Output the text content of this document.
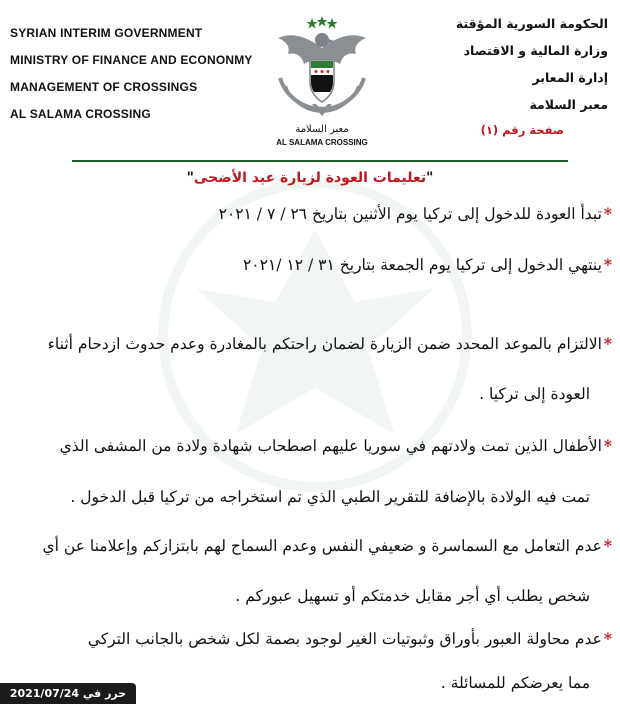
SYRIAN INTERIM GOVERNMENT
MINISTRY OF FINANCE AND ECONONMY
MANAGEMENT OF CROSSINGS
AL SALAMA CROSSING
معبر السلامة
AL SALAMA CROSSING
الحكومة السورية المؤقتة
وزارة المالية و الاقتصاد
إدارة المعابر
معبر السلامة
صفحة رقم (١)
"تعليمات العودة لزيارة عيد الأضحى"

*تبدأ العودة للدخول إلى تركيا يوم الأثنين بتاريخ ٢٦ / ٧ / ٢٠٢١

*ينتهي الدخول إلى تركيا يوم الجمعة بتاريخ ٣١ / ١٢ /٢٠٢١

*الالتزام بالموعد المحدد ضمن الزيارة لضمان راحتكم بالمغادرة وعدم حدوث ازدحام أثناء

العودة إلى تركيا .

*الأطفال الذين تمت ولادتهم في سوريا عليهم اصطحاب شهادة ولادة من المشفى الذي

تمت فيه الولادة بالإضافة للتقرير الطبي الذي تم استخراجه من تركيا قبل الدخول .

*عدم التعامل مع السماسرة و ضعيفي النفس وعدم السماح لهم بابتزازكم وإعلامنا عن أي

شخص يطلب أي أجر مقابل خدمتكم أو تسهيل عبوركم .

*عدم محاولة العبور بأوراق وثبوتيات الغير لوجود بصمة لكل شخص بالجانب التركي

مما يعرضكم للمسائلة .

حرر في 2021/07/24
